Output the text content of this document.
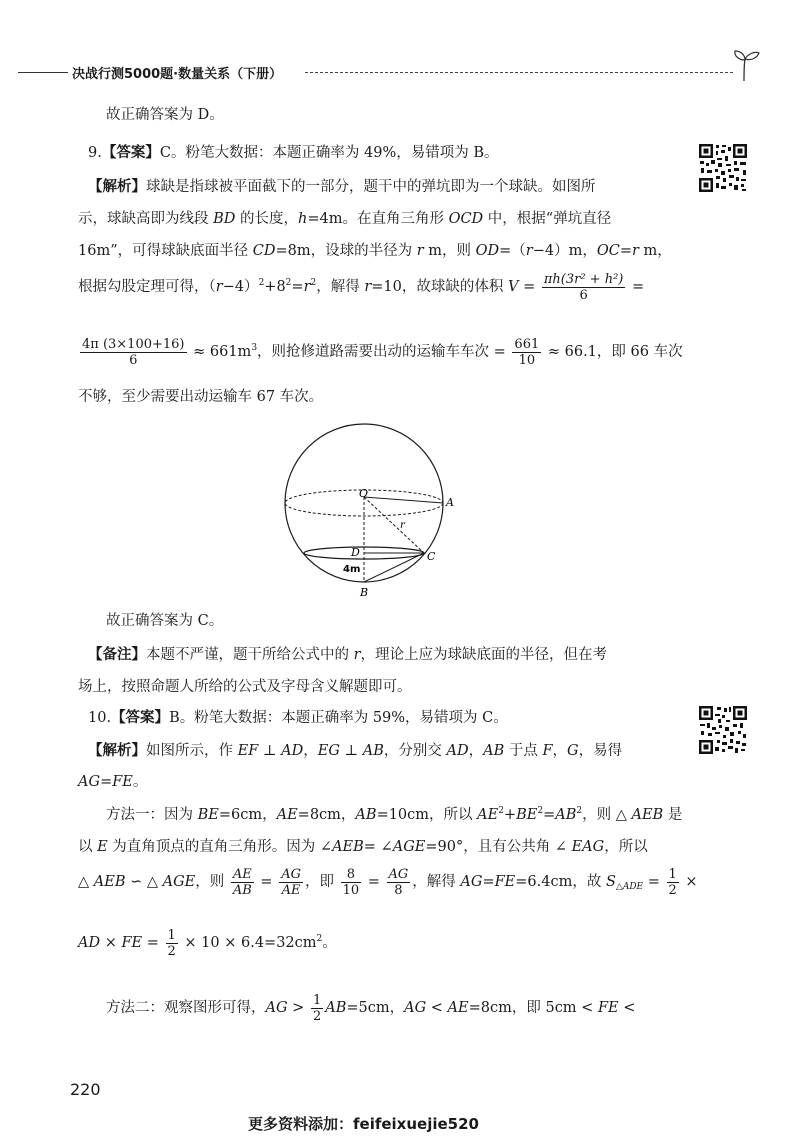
决战行测5000题·数量关系（下册）
故正确答案为 D。
9.【答案】C。粉笔大数据：本题正确率为 49%，易错项为 B。
【解析】球缺是指球被平面截下的一部分，题干中的弹坑即为一个球缺。如图所
示，球缺高即为线段 BD 的长度，h=4m。在直角三角形 OCD 中，根据“弹坑直径
16m”，可得球缺底面半径 CD=8m，设球的半径为 r m，则 OD=（r−4）m，OC=r m，
根据勾股定理可得，$(r-4)^2+8^2=r^2$，解得 r=10，故球缺的体积 $V = \frac{\text{πh(3r² + h²)}}{6}$ =
$\frac{4\pi (3\times 100+16)}{6} \approx 661m^3$，则抢修道路需要出动的运输车车次 = $\frac{661}{10} \approx 66.1$，即 66 车次
不够，至少需要出动运输车 67 车次。
O
A
r
D	C
B
4m
故正确答案为 C。
【备注】本题不严谨，题干所给公式中的 r，理论上应为球缺底面的半径，但在考
场上，按照命题人所给的公式及字母含义解题即可。
10.【答案】B。粉笔大数据：本题正确率为 59%，易错项为 C。
【解析】如图所示，作 EF ⊥ AD，EG ⊥ AB，分别交 AD，AB 于点 F，G，易得
AG=FE。
方法一：因为 BE=6cm，AE=8cm，AB=10cm，所以 $AE^2+BE^2=AB^2$，则 △ AEB 是
以 E 为直角顶点的直角三角形。因为 ∠AEB= ∠AGE=90°，且有公共角 ∠ EAG，所以
△ AEB ∽ △ AGE，则 $\frac{AE}{AB} = \frac{AG}{AE}$ ，即 $\frac{8}{10} = \frac{AG}{8}$ ，解得 AG=FE=6.4cm，故 $S_{\triangle ADE} = \frac{1}{2}$ ×
AD × FE = $\frac{1}{2} \times 10 \times 6.4=32cm^2$。
方法二：观察图形可得，AG > $\frac{1}{2} AB=5cm$，AG < AE=8cm，即 5cm < FE <
220
更多资料添加：feifeixuejie520
